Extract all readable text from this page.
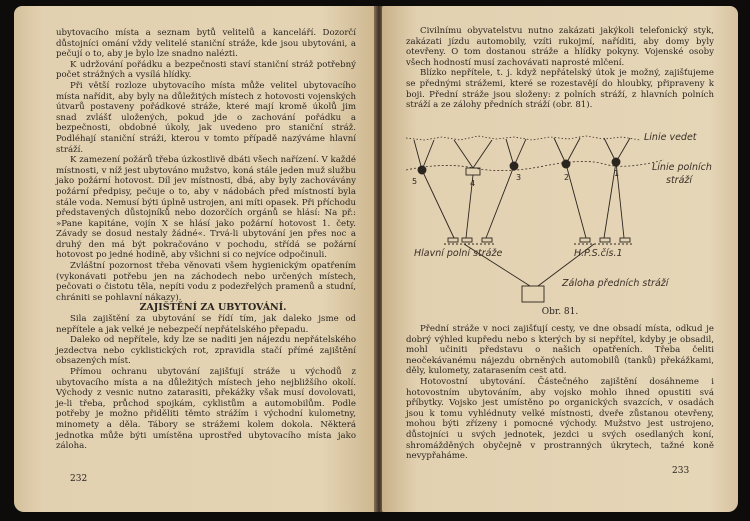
ubytovacího místa a seznam bytů velitelů a kanceláří. Dozorčí důstojníci omání vždy velitelé staniční stráže, kde jsou ubytováni, a pečují o to, aby je bylo lze snadno nalézti.

K udržování pořádku a bezpečnosti staví staniční stráž potřebný počet strážných a vysílá hlídky.

Při větší rozloze ubytovacího místa může velitel ubytovacího místa nařídit, aby byly na důležitých místech z hotovosti vojenských útvarů postaveny pořádkové stráže, které mají kromě úkolů jim snad zvlášť uložených, pokud jde o zachování pořádku a bezpečnosti, obdobné úkoly, jak uvedeno pro staniční stráž. Podléhají staniční stráži, kterou v tomto případě nazýváme hlavní stráží.

K zamezení požárů třeba úzkostlivě dbáti všech nařízení. V každé místnosti, v níž jest ubytováno mužstvo, koná stále jeden muž službu jako požární hotovost. Díl jev místnosti, dbá, aby byly zachovávány požární předpisy, pečuje o to, aby v nádobách před místností byla stále voda. Nemusí býti úplně ustrojen, ani míti opasek. Při příchodu představených důstojníků nebo dozorčích orgánů se hlásí: Na př.: »Pane kapitáne, vojín X se hlásí jako požární hotovost 1. čety. Závady se dosud nestaly žádné«. Trvá-li ubytování jen přes noc a druhý den má být pokračováno v pochodu, střídá se požární hotovost po jedné hodině, aby všichni si co nejvíce odpočinuli.

Zvláštní pozornost třeba věnovati všem hygienickým opatřením (vykonávati potřebu jen na záchodech nebo určených místech, pečovati o čistotu těla, nepíti vodu z podezřelých pramenů a studní, chrániti se pohlavní nákazy).

ZAJIŠTĚNÍ ZA UBYTOVÁNÍ.

Sila zajištění za ubytování se řídí tím, jak daleko jsme od nepřítele a jak velké je nebezpečí nepřátelského přepadu.

Daleko od nepřítele, kdy lze se naditi jen nájezdu nepřátelského jezdectva nebo cyklistických rot, zpravidla stačí přímé zajištění obsazených míst.

Přímou ochranu ubytování zajišťují stráže u východů z ubytovacího místa a na důležitých místech jeho nejbližšího okolí. Východy z vesnic nutno zatarasiti, překážky však musí dovolovati, je-li třeba, průchod spojkám, cyklistům a automobilům. Podle potřeby je možno přiděliti těmto strážím i východní kulometny, minomety a děla. Tábory se strážemi kolem dokola. Některá jednotka může býti umístěna uprostřed ubytovacího místa jako záloha.

232

Civilnímu obyvatelstvu nutno zakázati jakýkoli telefonický styk, zakázati jízdu automobily, vzíti rukojmí, naříditi, aby domy byly otevřeny. O tom dostanou stráže a hlídky pokyny. Vojenské osoby všech hodností musí zachovávati naprosté mlčení.

Blízko nepřítele, t. j. když nepřátelský útok je možný, zajišťujeme se přednými strážemi, které se rozestavějí do hloubky, připraveny k boji. Přední stráže jsou složeny: z polních stráží, z hlavních polních stráží a ze zálohy předních stráží (obr. 81).

Linie vedet
Linie polních
stráží
5	4
3	2	1
Hlavní polní stráže	H.P.S.čís.1
Záloha předních stráží
Obr. 81.

Přední stráže v noci zajišťují cesty, ve dne obsadí místa, odkud je dobrý výhled kupředu nebo s kterých by si nepřítel, kdyby je obsadil, mohl učiniti představu o našich opatřeních. Třeba čeliti neočekávanému nájezdu obrněných automobilů (tanků) překážkami, děly, kulomety, zatarasením cest atd.

Hotovostní ubytování. Částečného zajištění dosáhneme i hotovostním ubytováním, aby vojsko mohlo ihned opustiti svá příbytky. Vojsko jest umístěno po organických svazcích, v osadách jsou k tomu vyhlédnuty velké místnosti, dveře zůstanou otevřeny, mohou býti zřízeny i pomocné východy. Mužstvo jest ustrojeno, důstojníci u svých jednotek, jezdci u svých osedlaných koní, shromážděných obyčejně v prostranných úkrytech, tažné koně nevypřaháme.

233
